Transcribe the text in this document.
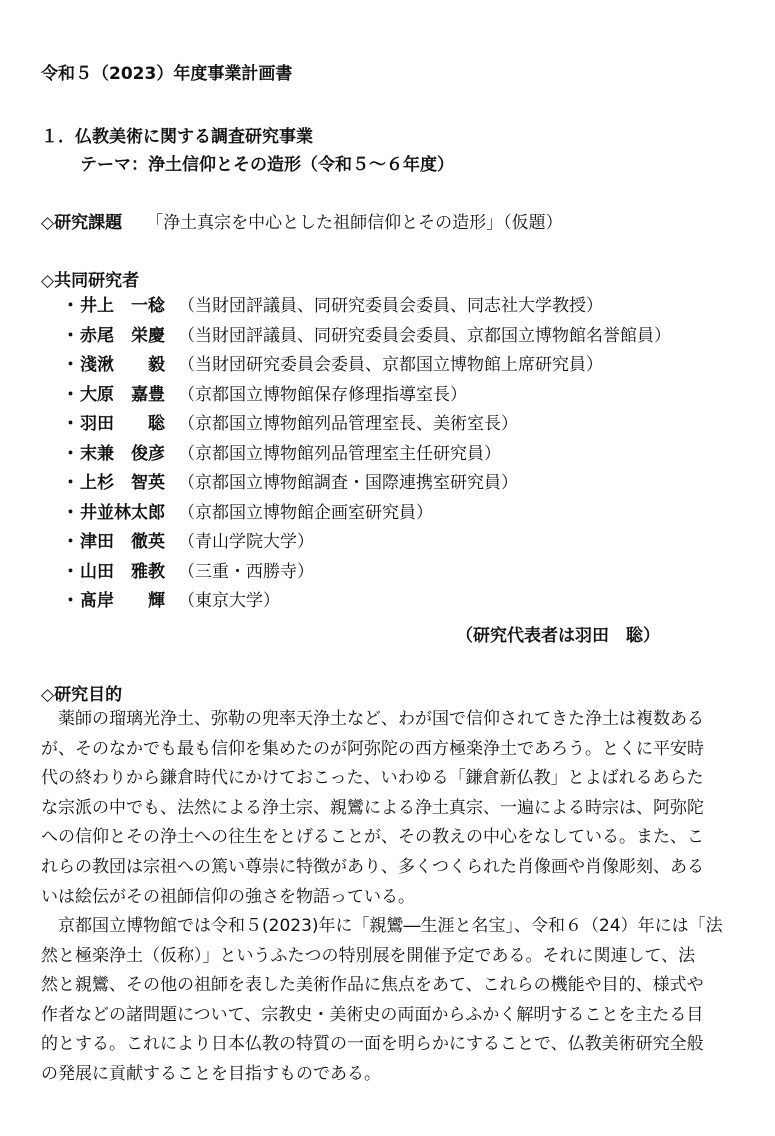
令和５（2023）年度事業計画書
１．仏教美術に関する調査研究事業
テーマ：浄土信仰とその造形（令和５〜６年度）
◇研究課題 「浄土真宗を中心とした祖師信仰とその造形」（仮題）
◇共同研究者
・ 井上　一稔 （当財団評議員、同研究委員会委員、同志社大学教授）
・ 赤尾　栄慶 （当財団評議員、同研究委員会委員、京都国立博物館名誉館員）
・ 淺湫　　毅 （当財団研究委員会委員、京都国立博物館上席研究員）
・ 大原　嘉豊 （京都国立博物館保存修理指導室長）
・ 羽田　　聡 （京都国立博物館列品管理室長、美術室長）
・ 末兼　俊彦 （京都国立博物館列品管理室主任研究員）
・ 上杉　智英 （京都国立博物館調査・国際連携室研究員）
・ 井並林太郎 （京都国立博物館企画室研究員）
・ 津田　徹英 （青山学院大学）
・ 山田　雅教 （三重・西勝寺）
・ 髙岸　　輝 （東京大学）
（研究代表者は羽田　聡）
◇研究目的
　薬師の瑠璃光浄土、弥勒の兜率天浄土など、わが国で信仰されてきた浄土は複数ある
が、そのなかでも最も信仰を集めたのが阿弥陀の西方極楽浄土であろう。とくに平安時
代の終わりから鎌倉時代にかけておこった、いわゆる「鎌倉新仏教」とよばれるあらた
な宗派の中でも、法然による浄土宗、親鸞による浄土真宗、一遍による時宗は、阿弥陀
への信仰とその浄土への往生をとげることが、その教えの中心をなしている。また、こ
れらの教団は宗祖への篤い尊崇に特徴があり、多くつくられた肖像画や肖像彫刻、ある
いは絵伝がその祖師信仰の強さを物語っている。
　京都国立博物館では令和５(2023)年に「親鸞―生涯と名宝」、令和６（24）年には「法
然と極楽浄土（仮称）」というふたつの特別展を開催予定である。それに関連して、法
然と親鸞、その他の祖師を表した美術作品に焦点をあて、これらの機能や目的、様式や
作者などの諸問題について、宗教史・美術史の両面からふかく解明することを主たる目
的とする。これにより日本仏教の特質の一面を明らかにすることで、仏教美術研究全般
の発展に貢献することを目指すものである。
